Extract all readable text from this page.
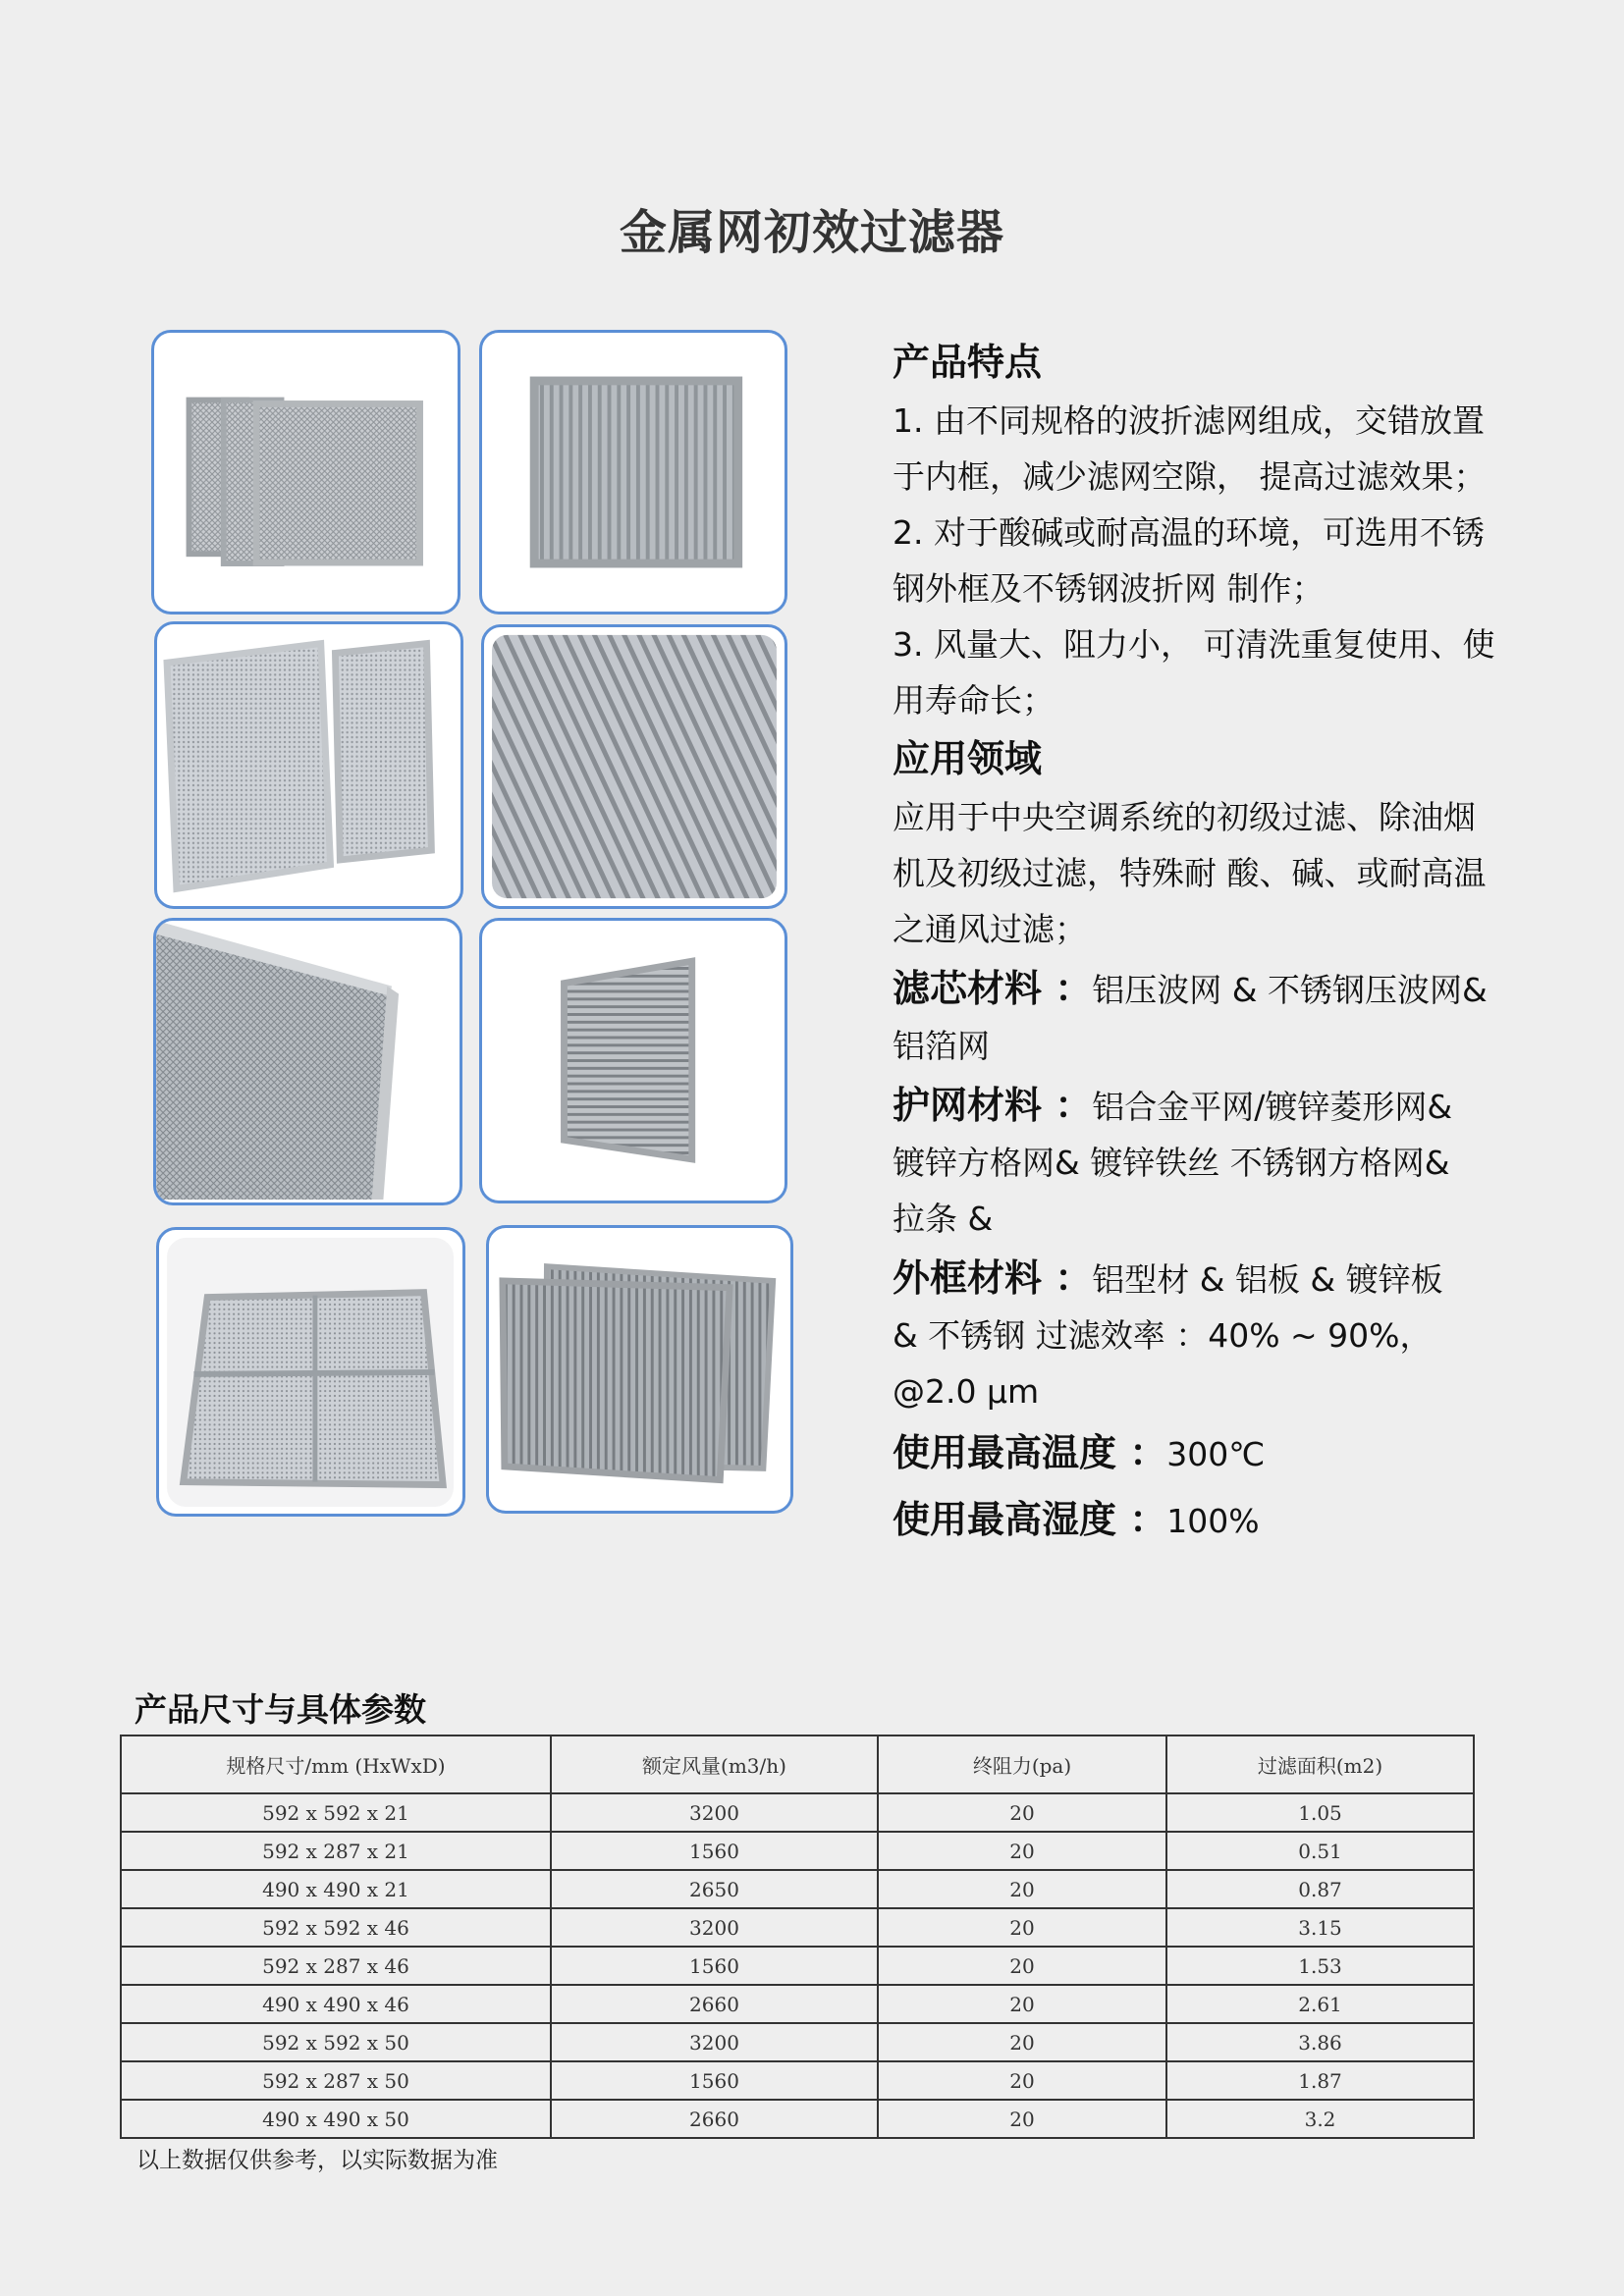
金属网初效过滤器

产品特点

1. 由不同规格的波折滤网组成，交错放置

于内框，减少滤网空隙， 提高过滤效果；

2. 对于酸碱或耐高温的环境，可选用不锈

钢外框及不锈钢波折网 制作；

3. 风量大、阻力小， 可清洗重复使用、使

用寿命长；

应用领域

应用于中央空调系统的初级过滤、除油烟

机及初级过滤，特殊耐 酸、碱、或耐高温

之通风过滤；

滤芯材料 ：铝压波网 & 不锈钢压波网&

铝箔网

护网材料 ：铝合金平网/镀锌菱形网&

镀锌方格网& 镀锌铁丝 不锈钢方格网&

拉条 &

外框材料 ：铝型材 & 铝板 & 镀锌板

& 不锈钢 过滤效率 ：40% ~ 90%，

@2.0 μm

使用最高温度 ：300℃

使用最高湿度 ：100%

产品尺寸与具体参数
规格尺寸/mm (HxWxD)	额定风量(m3/h)	终阻力(pa)	过滤面积(m2)
592 x 592 x 21	3200	20	1.05
592 x 287 x 21	1560	20	0.51
490 x 490 x 21	2650	20	0.87
592 x 592 x 46	3200	20	3.15
592 x 287 x 46	1560	20	1.53
490 x 490 x 46	2660	20	2.61
592 x 592 x 50	3200	20	3.86
592 x 287 x 50	1560	20	1.87
490 x 490 x 50	2660	20	3.2
以上数据仅供参考，以实际数据为准
